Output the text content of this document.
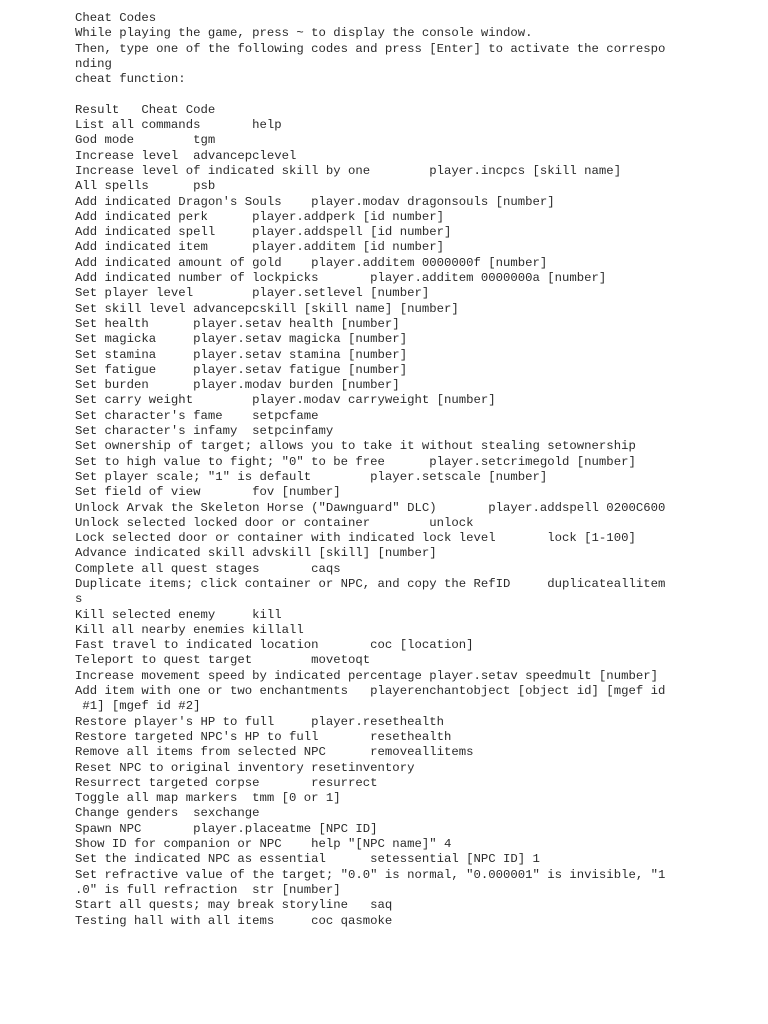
Cheat Codes
While playing the game, press ~ to display the console window.
Then, type one of the following codes and press [Enter] to activate the correspo
nding
cheat function:
Result   Cheat Code
List all commands       help
God mode        tgm
Increase level  advancepclevel
Increase level of indicated skill by one        player.incpcs [skill name]
All spells      psb
Add indicated Dragon's Souls    player.modav dragonsouls [number]
Add indicated perk      player.addperk [id number]
Add indicated spell     player.addspell [id number]
Add indicated item      player.additem [id number]
Add indicated amount of gold    player.additem 0000000f [number]
Add indicated number of lockpicks       player.additem 0000000a [number]
Set player level        player.setlevel [number]
Set skill level advancepcskill [skill name] [number]
Set health      player.setav health [number]
Set magicka     player.setav magicka [number]
Set stamina     player.setav stamina [number]
Set fatigue     player.setav fatigue [number]
Set burden      player.modav burden [number]
Set carry weight        player.modav carryweight [number]
Set character's fame    setpcfame
Set character's infamy  setpcinfamy
Set ownership of target; allows you to take it without stealing setownership
Set to high value to fight; "0" to be free      player.setcrimegold [number]
Set player scale; "1" is default        player.setscale [number]
Set field of view       fov [number]
Unlock Arvak the Skeleton Horse ("Dawnguard" DLC)       player.addspell 0200C600
Unlock selected locked door or container        unlock
Lock selected door or container with indicated lock level       lock [1-100]
Advance indicated skill advskill [skill] [number]
Complete all quest stages       caqs
Duplicate items; click container or NPC, and copy the RefID     duplicateallitem
s
Kill selected enemy     kill
Kill all nearby enemies killall
Fast travel to indicated location       coc [location]
Teleport to quest target        movetoqt
Increase movement speed by indicated percentage player.setav speedmult [number]
Add item with one or two enchantments   playerenchantobject [object id] [mgef id
#1] [mgef id #2]
Restore player's HP to full     player.resethealth
Restore targeted NPC's HP to full       resethealth
Remove all items from selected NPC      removeallitems
Reset NPC to original inventory resetinventory
Resurrect targeted corpse       resurrect
Toggle all map markers  tmm [0 or 1]
Change genders  sexchange
Spawn NPC       player.placeatme [NPC ID]
Show ID for companion or NPC    help "[NPC name]" 4
Set the indicated NPC as essential      setessential [NPC ID] 1
Set refractive value of the target; "0.0" is normal, "0.000001" is invisible, "1
.0" is full refraction  str [number]
Start all quests; may break storyline   saq
Testing hall with all items     coc qasmoke
